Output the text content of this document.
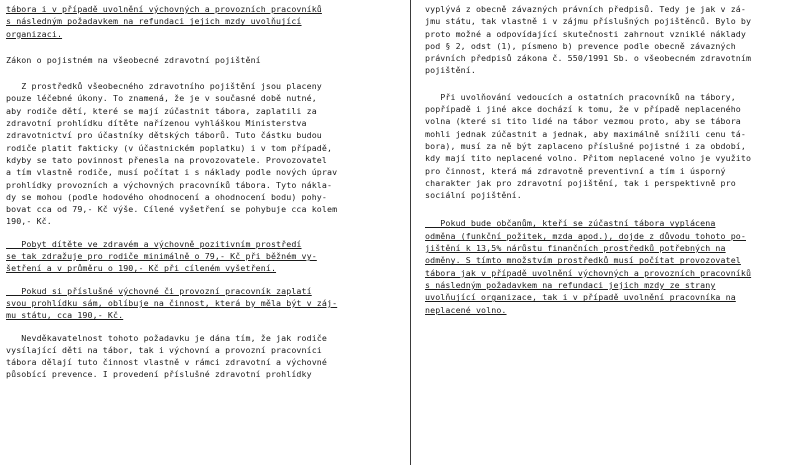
tábora i v případě uvolnění výchovných a provozních pracovníků
s následným požadavkem na refundaci jejich mzdy uvolňující
organizaci.
Zákon o pojistném na všeobecné zdravotní pojištění
Z prostředků všeobecného zdravotního pojištění jsou placeny
pouze léčebné úkony. To znamená, že je v současné době nutné,
aby rodiče dětí, které se mají zúčastnit tábora, zaplatili za
zdravotní prohlídku dítěte nařízenou vyhláškou Ministerstva
zdravotnictví pro účastníky dětských táborů. Tuto částku budou
rodiče platit fakticky (v účastnickém poplatku) i v tom případě,
kdyby se tato povinnost přenesla na provozovatele. Provozovatel
a tím vlastně rodiče, musí počítat i s náklady podle nových úprav
prohlídky provozních a výchovných pracovníků tábora. Tyto nákla-
dy se mohou (podle hodového ohodnocení a ohodnocení bodu) pohy-
bovat cca od 79,- Kč výše. Cílené vyšetření se pohybuje cca kolem
190,- Kč.
Pobyt dítěte ve zdravém a výchovně pozitivním prostředí
se tak zdražuje pro rodiče minimálně o 79,- Kč při běžném vy-
šetření a v průměru o 190,- Kč při cíleném vyšetření.
Pokud si příslušné výchovné či provozní pracovník zaplatí
svou prohlídku sám, oblíbuje na činnost, která by měla být v záj-
mu státu, cca 190,- Kč.
Nevděkavatelnost tohoto požadavku je dána tím, že jak rodiče
vysílající děti na tábor, tak i výchovní a provozní pracovníci
tábora dělají tuto činnost vlastně v rámci zdravotní a výchovné
působící prevence. I provedení příslušné zdravotní prohlídky
vyplývá z obecně závazných právních předpisů. Tedy je jak v zá-
jmu státu, tak vlastně i v zájmu příslušných pojištěnců. Bylo by
proto možné a odpovídající skutečnosti zahrnout vzniklé náklady
pod § 2, odst (1), písmeno b) prevence podle obecně závazných
právních předpisů zákona č. 550/1991 Sb. o všeobecném zdravotním
pojištění.
Při uvolňování vedoucích a ostatních pracovníků na tábory,
popřípadě i jiné akce dochází k tomu, že v případě neplaceného
volna (které si tito lidé na tábor vezmou proto, aby se tábora
mohli jednak zúčastnit a jednak, aby maximálně snížili cenu tá-
bora), musí za ně být zaplaceno příslušné pojistné i za období,
kdy mají tito neplacené volno. Přitom neplacené volno je využito
pro činnost, která má zdravotně preventivní a tím i úsporný
charakter jak pro zdravotní pojištění, tak i perspektivně pro
sociální pojištění.
Pokud bude občanům, kteří se zúčastní tábora vyplácena
odměna (funkční požitek, mzda apod.), dojde z důvodu tohoto po-
jištění k 13,5% nárůstu finančních prostředků potřebných na
odměny. S tímto množstvím prostředků musí počítat provozovatel
tábora jak v případě uvolnění výchovných a provozních pracovníků
s následným požadavkem na refundaci jejich mzdy ze strany
uvolňující organizace, tak i v případě uvolnění pracovníka na
neplacené volno.
